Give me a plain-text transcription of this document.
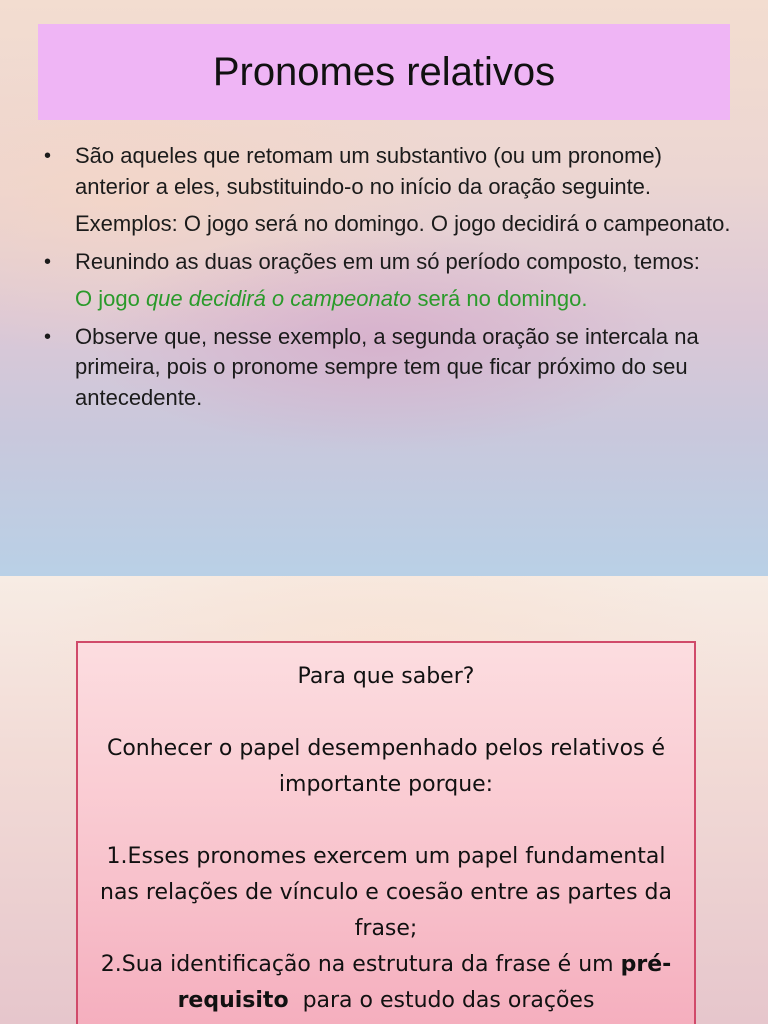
Pronomes relativos
• São aqueles que retomam um substantivo (ou um pronome) anterior a eles, substituindo-o no início da oração seguinte.
Exemplos: O jogo será no domingo. O jogo decidirá o campeonato.
• Reunindo as duas orações em um só período composto, temos:
O jogo que decidirá o campeonato será no domingo.
• Observe que, nesse exemplo, a segunda oração se intercala na primeira, pois o pronome sempre tem que ficar próximo do seu antecedente.

Para que saber?

Conhecer o papel desempenhado pelos relativos é importante porque:

1.Esses pronomes exercem um papel fundamental nas relações de vínculo e coesão entre as partes da frase;

2.Sua identificação na estrutura da frase é um pré-requisito  para o estudo das orações
